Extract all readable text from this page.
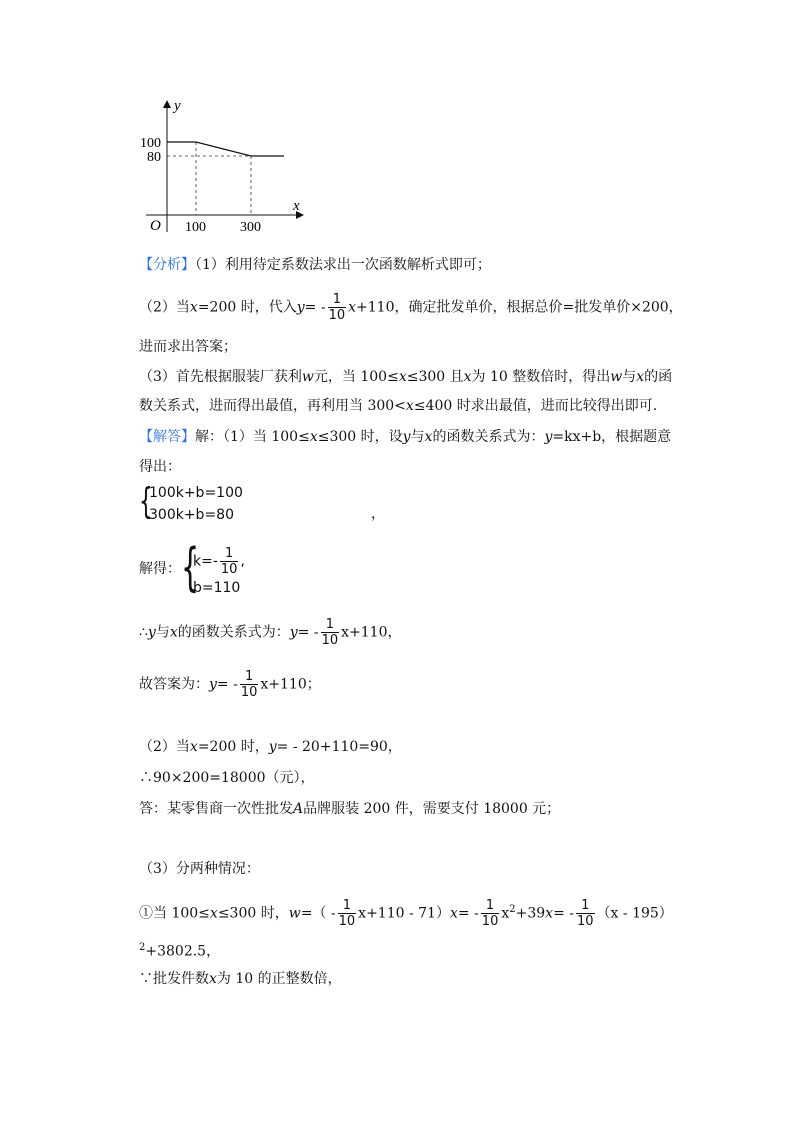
y
x
O
100
80
100 300
【分析】（1）利用待定系数法求出一次函数解析式即可；
（2）当x=200 时，代入$y= - \frac{1}{10} x+110$，确定批发单价，根据总价=批发单价×200，
进而求出答案；
（3）首先根据服装厂获利w元，当 100≤x≤300 且x为 10 整数倍时，得出w与x的函
数关系式，进而得出最值，再利用当 300<x≤400 时求出最值，进而比较得出即可.
【解答】解：（1）当 100≤x≤300 时，设y与x的函数关系式为：y=kx+b，根据题意
得出：
{
100k+b=100
300k+b=80	，
解得： {
$k=- \frac{1}{10}$ ,
b=110
∴y与x的函数关系式为：$y= - \frac{1}{10} x+110$，
故答案为：$y= - \frac{1}{10} x+110$；
（2）当x=200 时，y= - 20+110=90，
∴90×200=18000（元），
答：某零售商一次性批发A品牌服装 200 件，需要支付 18000 元；
（3）分两种情况：
①当 100≤x≤300 时，$w=( - \frac{1}{10} x+110 - 71)x= - \frac{1}{10} x^2+39x= - \frac{1}{10} (x - 195)$
$^2$+3802.5，
∵批发件数x为 10 的正整数倍，
